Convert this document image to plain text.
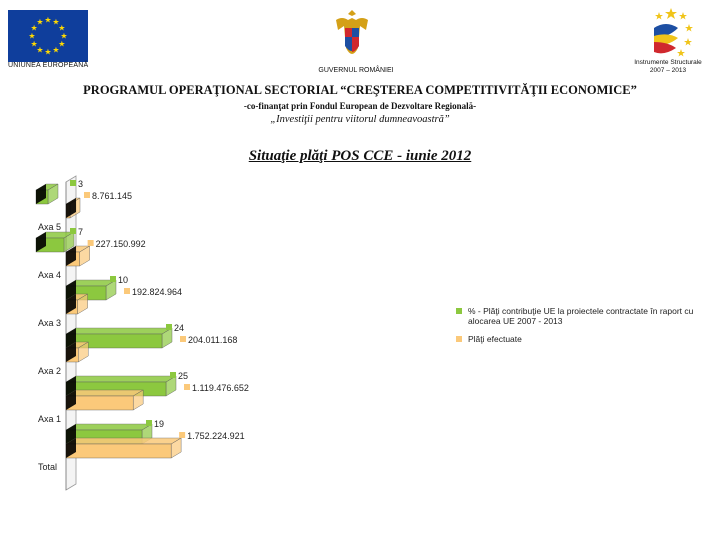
★ ★
★
★
★
★
★
★
★
★
★
★
UNIUNEA EUROPEANĂ
GUVERNUL ROMÂNIEI
Instrumente Structurale
2007 – 2013
PROGRAMUL OPERAŢIONAL SECTORIAL “CREŞTEREA COMPETITIVITĂŢII ECONOMICE”
-co-finanţat prin Fondul European de Dezvoltare Regională-
„Investiţii pentru viitorul dumneavoastră”
Situaţie plăţi POS CCE - iunie 2012
Axa 5
3
8.761.145
Axa 4
7
227.150.992
Axa 3
10
192.824.964
Axa 2
24
204.011.168
Axa 1
25
1.119.476.652
Total
19
1.752.224.921
% - Plăţi contribuţie UE la proiectele contractate în raport cu alocarea UE 2007 - 2013
Plăţi efectuate
